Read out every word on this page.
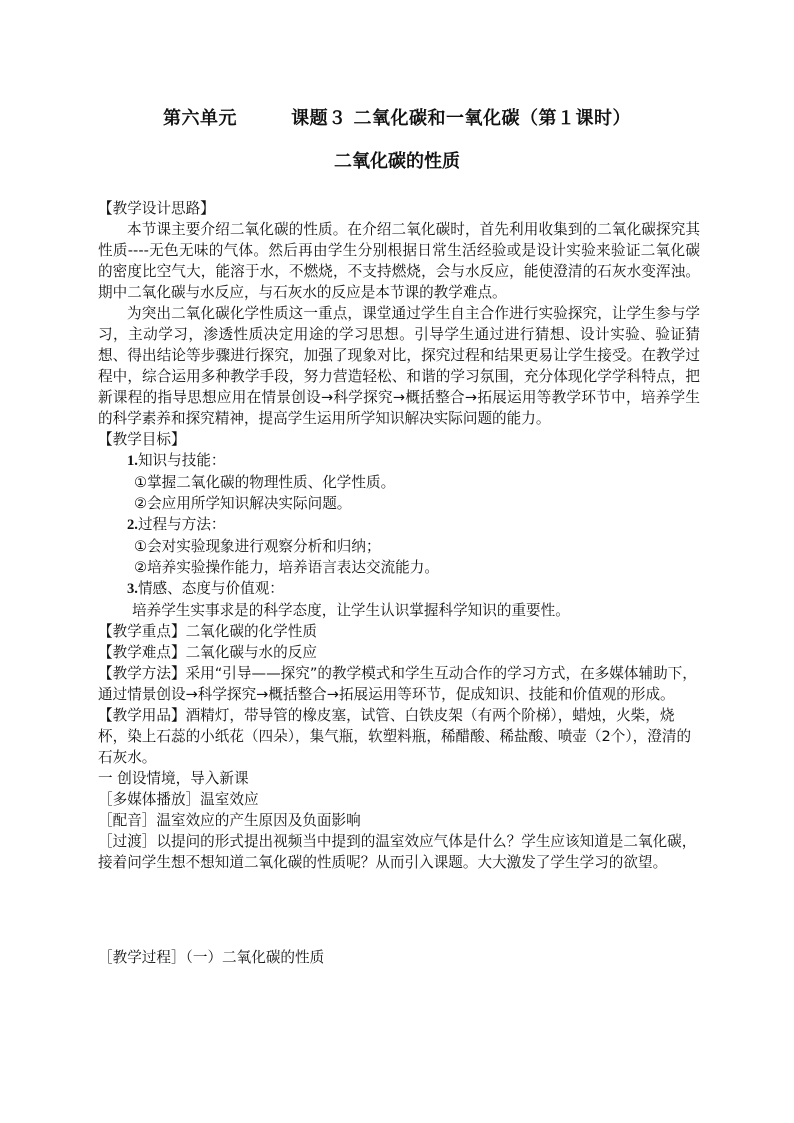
第六单元        课题３ 二氧化碳和一氧化碳（第１课时）
二氧化碳的性质

【教学设计思路】

本节课主要介绍二氧化碳的性质。在介绍二氧化碳时，首先利用收集到的二氧化碳探究其性质----无色无味的气体。然后再由学生分别根据日常生活经验或是设计实验来验证二氧化碳的密度比空气大，能溶于水，不燃烧，不支持燃烧，会与水反应，能使澄清的石灰水变浑浊。期中二氧化碳与水反应，与石灰水的反应是本节课的教学难点。

为突出二氧化碳化学性质这一重点，课堂通过学生自主合作进行实验探究，让学生参与学习，主动学习，渗透性质决定用途的学习思想。引导学生通过进行猜想、设计实验、验证猜想、得出结论等步骤进行探究，加强了现象对比，探究过程和结果更易让学生接受。在教学过程中，综合运用多种教学手段，努力营造轻松、和谐的学习氛围，充分体现化学学科特点，把新课程的指导思想应用在情景创设→科学探究→概括整合→拓展运用等教学环节中，培养学生的科学素养和探究精神，提高学生运用所学知识解决实际问题的能力。

【教学目标】

1.知识与技能：

①掌握二氧化碳的物理性质、化学性质。

②会应用所学知识解决实际问题。

2.过程与方法：

①会对实验现象进行观察分析和归纳；

②培养实验操作能力，培养语言表达交流能力。

3.情感、态度与价值观：

培养学生实事求是的科学态度，让学生认识掌握科学知识的重要性。

【教学重点】二氧化碳的化学性质

【教学难点】二氧化碳与水的反应

【教学方法】采用“引导——探究”的教学模式和学生互动合作的学习方式，在多媒体辅助下，通过情景创设→科学探究→概括整合→拓展运用等环节，促成知识、技能和价值观的形成。

【教学用品】酒精灯，带导管的橡皮塞，试管、白铁皮架（有两个阶梯），蜡烛，火柴，烧杯，染上石蕊的小纸花（四朵），集气瓶，软塑料瓶，稀醋酸、稀盐酸、喷壶（2个），澄清的石灰水。

一 创设情境，导入新课

［多媒体播放］温室效应

［配音］温室效应的产生原因及负面影响

［过渡］以提问的形式提出视频当中提到的温室效应气体是什么？学生应该知道是二氧化碳，接着问学生想不想知道二氧化碳的性质呢？从而引入课题。大大激发了学生学习的欲望。

［教学过程］（一）二氧化碳的性质
